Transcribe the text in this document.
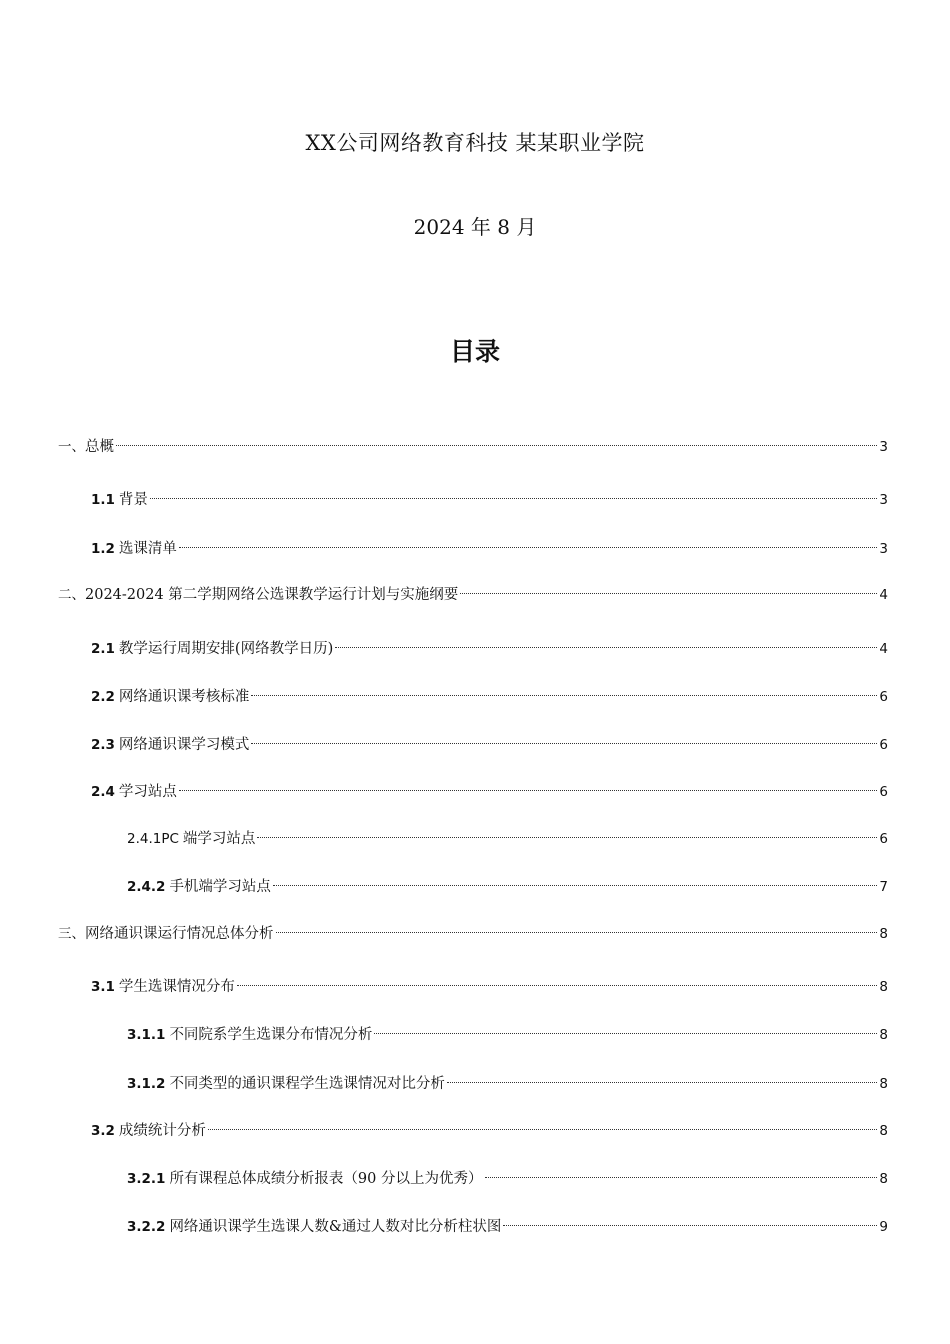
XX公司网络教育科技 某某职业学院
2024 年 8 月
目录
一、总概	3
1.1 背景	3
1.2 选课清单	3
二、2024-2024 第二学期网络公选课教学运行计划与实施纲要	4
2.1 教学运行周期安排(网络教学日历)	4
2.2 网络通识课考核标准	6
2.3 网络通识课学习模式	6
2.4 学习站点	6
2.4.1PC 端学习站点	6
2.4.2 手机端学习站点	7
三、网络通识课运行情况总体分析	8
3.1 学生选课情况分布	8
3.1.1 不同院系学生选课分布情况分析	8
3.1.2 不同类型的通识课程学生选课情况对比分析	8
3.2 成绩统计分析	8
3.2.1 所有课程总体成绩分析报表（90 分以上为优秀）	8
3.2.2 网络通识课学生选课人数&通过人数对比分析柱状图	9
